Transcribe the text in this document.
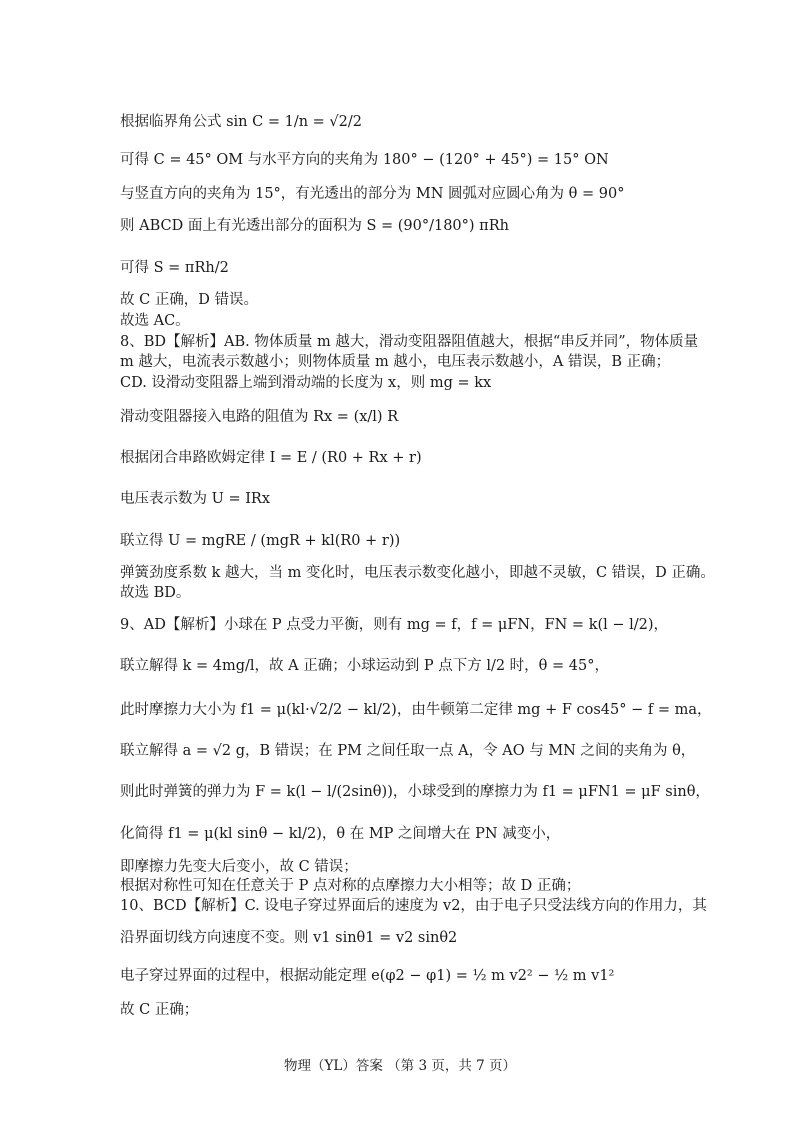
根据临界角公式 sin C = 1/n = √2/2
可得 C = 45° OM 与水平方向的夹角为 180° − (120° + 45°) = 15° ON
与竖直方向的夹角为 15°，有光透出的部分为 MN 圆弧对应圆心角为 θ = 90°
则 ABCD 面上有光透出部分的面积为 S = (90°/180°) πRh
可得 S = πRh/2
故 C 正确，D 错误。
故选 AC。
8、BD【解析】AB. 物体质量 m 越大，滑动变阻器阻值越大，根据“串反并同”，物体质量
m 越大，电流表示数越小；则物体质量 m 越小，电压表示数越小，A 错误，B 正确；
CD. 设滑动变阻器上端到滑动端的长度为 x，则 mg = kx
滑动变阻器接入电路的阻值为 Rx = (x/l) R
根据闭合串路欧姆定律 I = E / (R0 + Rx + r)
电压表示数为 U = IRx
联立得 U = mgRE / (mgR + kl(R0 + r))
弹簧劲度系数 k 越大，当 m 变化时，电压表示数变化越小，即越不灵敏，C 错误，D 正确。
故选 BD。
9、AD【解析】小球在 P 点受力平衡，则有 mg = f，f = μFN，FN = k(l − l/2)，
联立解得 k = 4mg/l，故 A 正确；小球运动到 P 点下方 l/2 时，θ = 45°，
此时摩擦力大小为 f1 = μ(kl·√2/2 − kl/2)，由牛顿第二定律 mg + F cos45° − f = ma，
联立解得 a = √2 g，B 错误；在 PM 之间任取一点 A，令 AO 与 MN 之间的夹角为 θ，
则此时弹簧的弹力为 F = k(l − l/(2sinθ))，小球受到的摩擦力为 f1 = μFN1 = μF sinθ，
化简得 f1 = μ(kl sinθ − kl/2)，θ 在 MP 之间增大在 PN 减变小，
即摩擦力先变大后变小，故 C 错误；
根据对称性可知在任意关于 P 点对称的点摩擦力大小相等；故 D 正确；
10、BCD【解析】C. 设电子穿过界面后的速度为 v2，由于电子只受法线方向的作用力，其
沿界面切线方向速度不变。则 v1 sinθ1 = v2 sinθ2
电子穿过界面的过程中，根据动能定理 e(φ2 − φ1) = ½ m v2² − ½ m v1²
故 C 正确；
物理（YL）答案 （第 3 页，共 7 页）
